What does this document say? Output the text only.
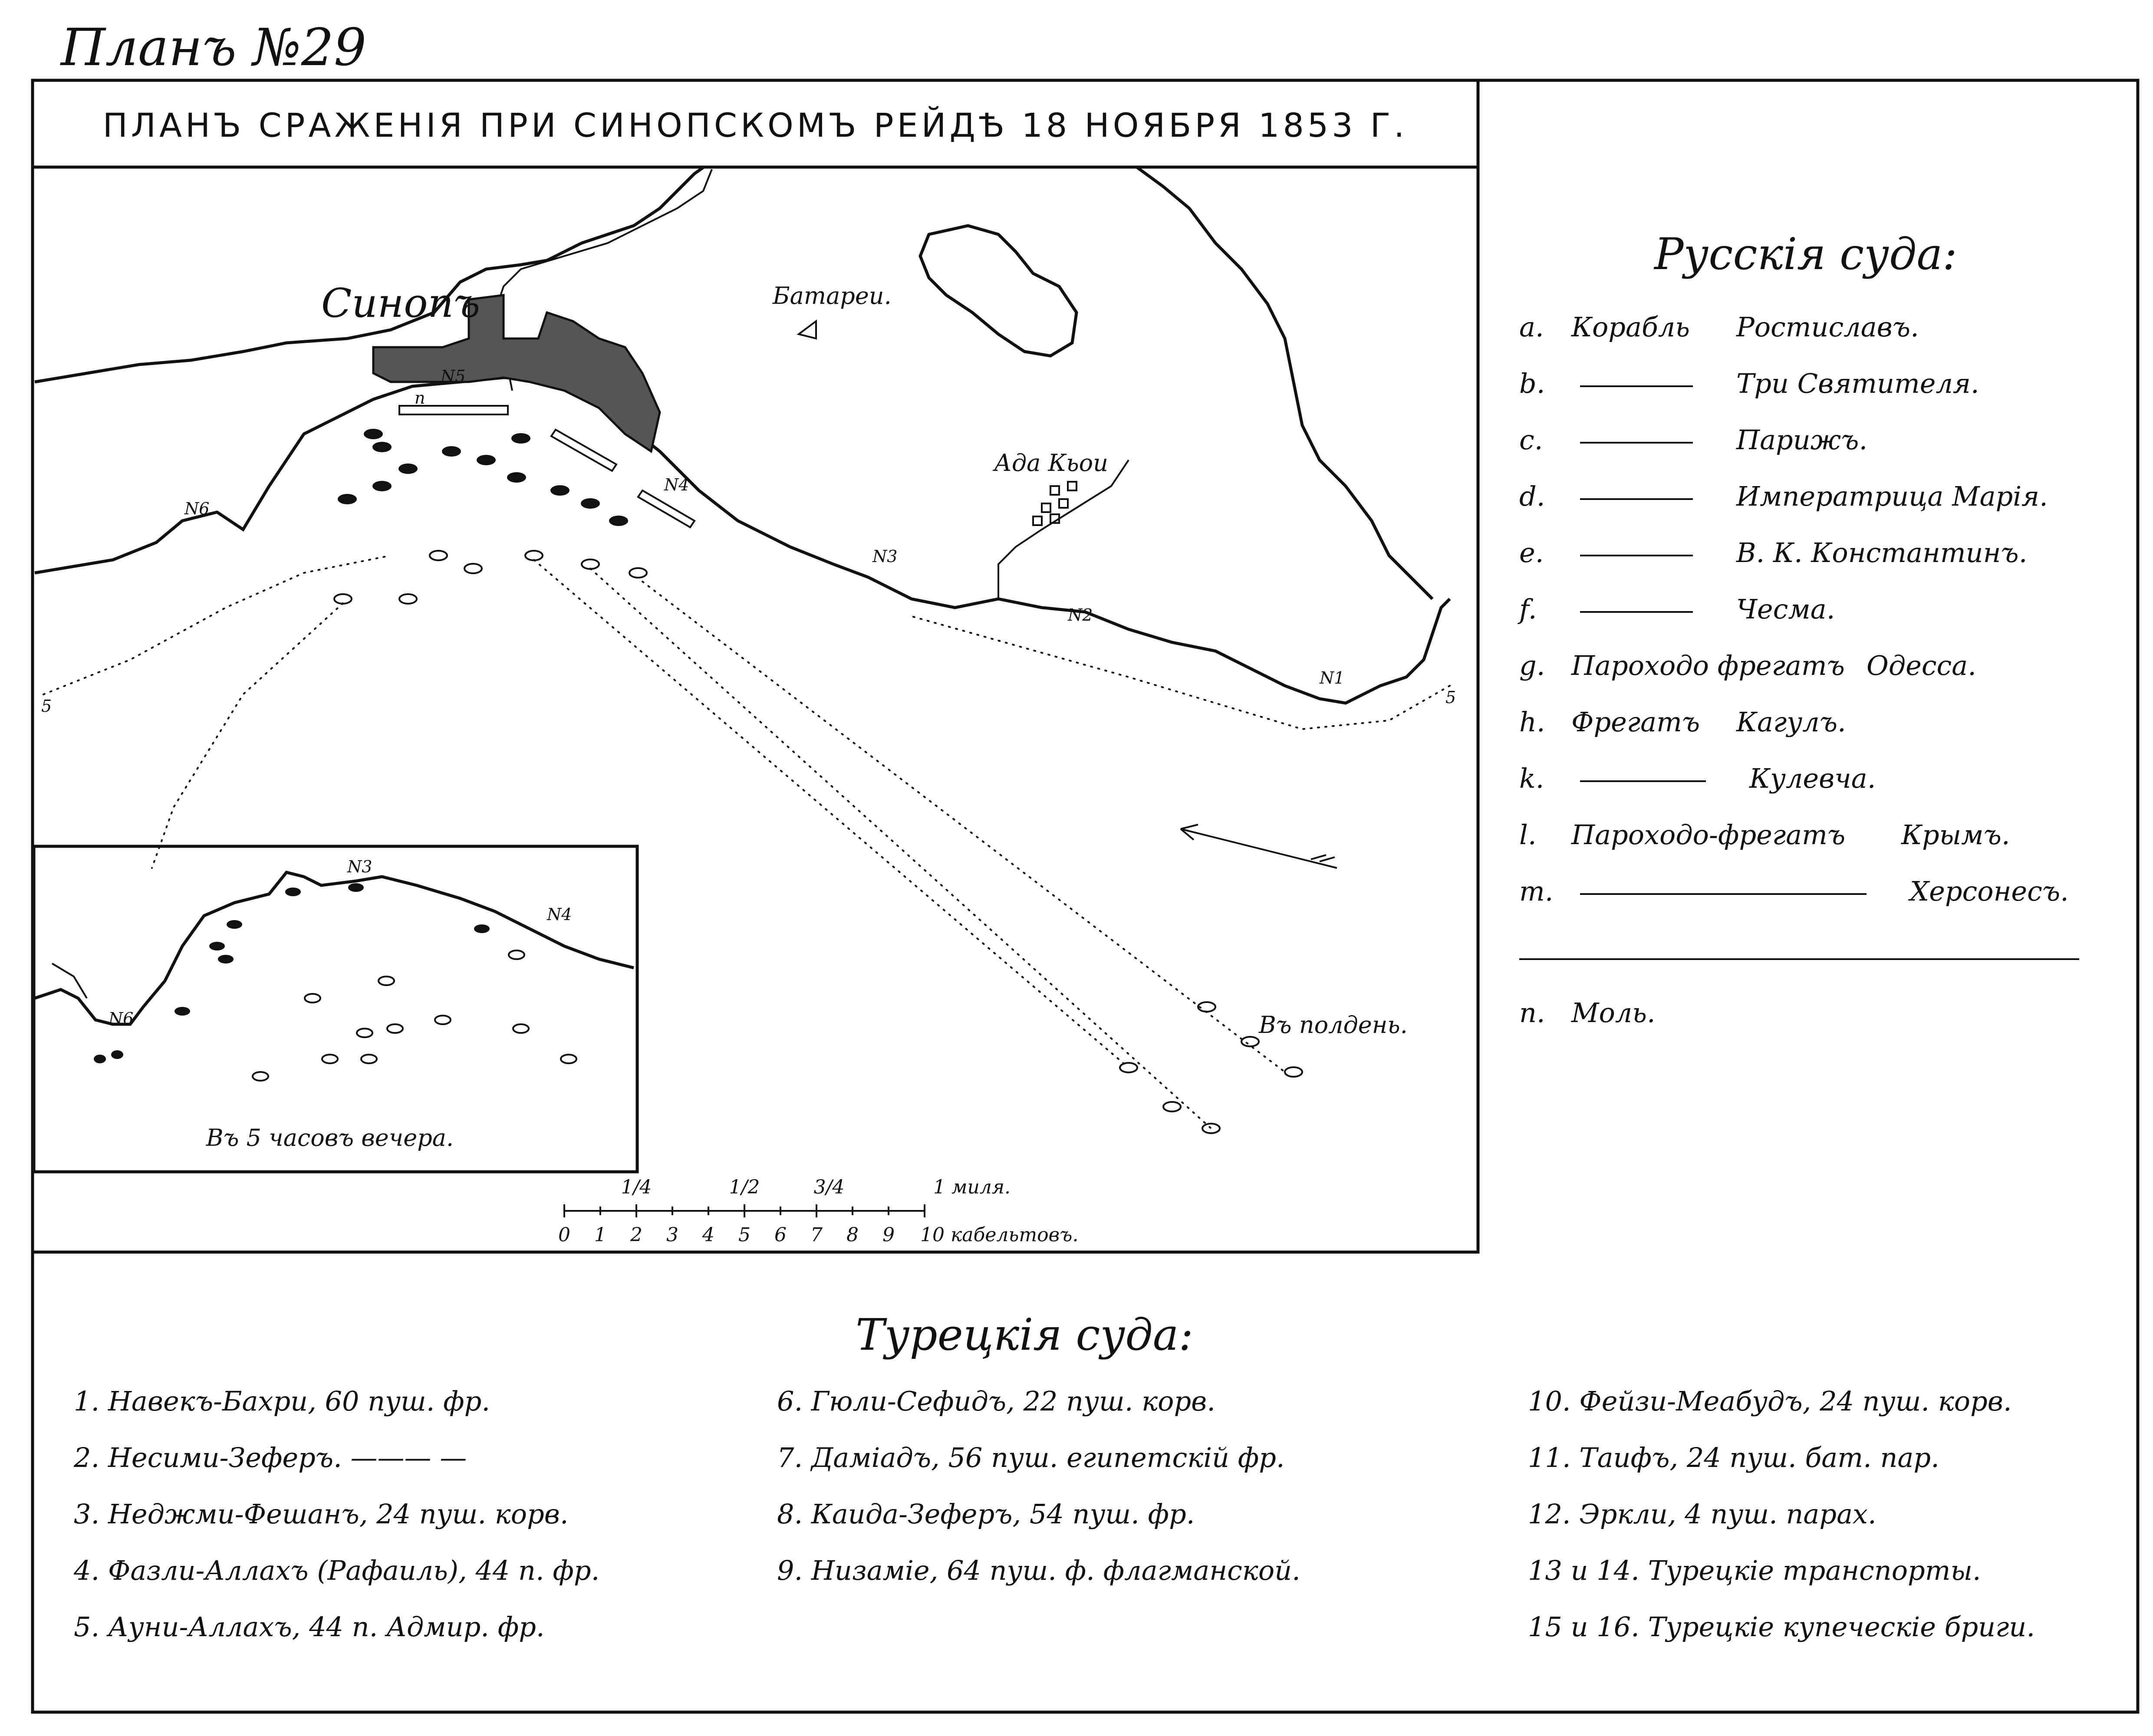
Планъ №29
ПЛАНЪ СРАЖЕНІЯ ПРИ СИНОПСКОМЪ РЕЙДѢ 18 НОЯБРЯ 1853 Г.
Синопъ	Батареи.
Ада Кьои
n
N3
N2
N1
N4
N6
N5
5	5
Въ полдень.
N3
N4
N6
Въ 5 часовъ вечера.
1/4	1/2	3/4	1 миля.
0 1 2 3 4 5 6 7 8 9 10 кабельтовъ.
Русскія суда:
a. Корабль Ростиславъ.
b.	Три Святителя.
c.	Парижъ.
d.	Императрица Марія.
e.	В. К. Константинъ.
f.	Чесма.
g. Пароходо фрегатъ Одесса.
h. Фрегатъ Кагулъ.
k.	Кулевча.
l. Пароходо-фрегатъ Крымъ.
m.	Херсонесъ.
n. Моль.
Турецкія суда:
1. Навекъ-Бахри, 60 пуш. фр.
2. Несими-Зеферъ. ——— —
3. Неджми-Фешанъ, 24 пуш. корв.
4. Фазли-Аллахъ (Рафаиль), 44 п. фр.
5. Ауни-Аллахъ, 44 п. Адмир. фр.
6. Гюли-Сефидъ, 22 пуш. корв.
7. Даміадъ, 56 пуш. египетскій фр.
8. Каида-Зеферъ, 54 пуш. фр.
9. Низаміе, 64 пуш. ф. флагманской.
10. Фейзи-Меабудъ, 24 пуш. корв.
11. Таифъ, 24 пуш. бат. пар.
12. Эркли, 4 пуш. парах.
13 и 14. Турецкіе транспорты.
15 и 16. Турецкіе купеческіе бриги.
